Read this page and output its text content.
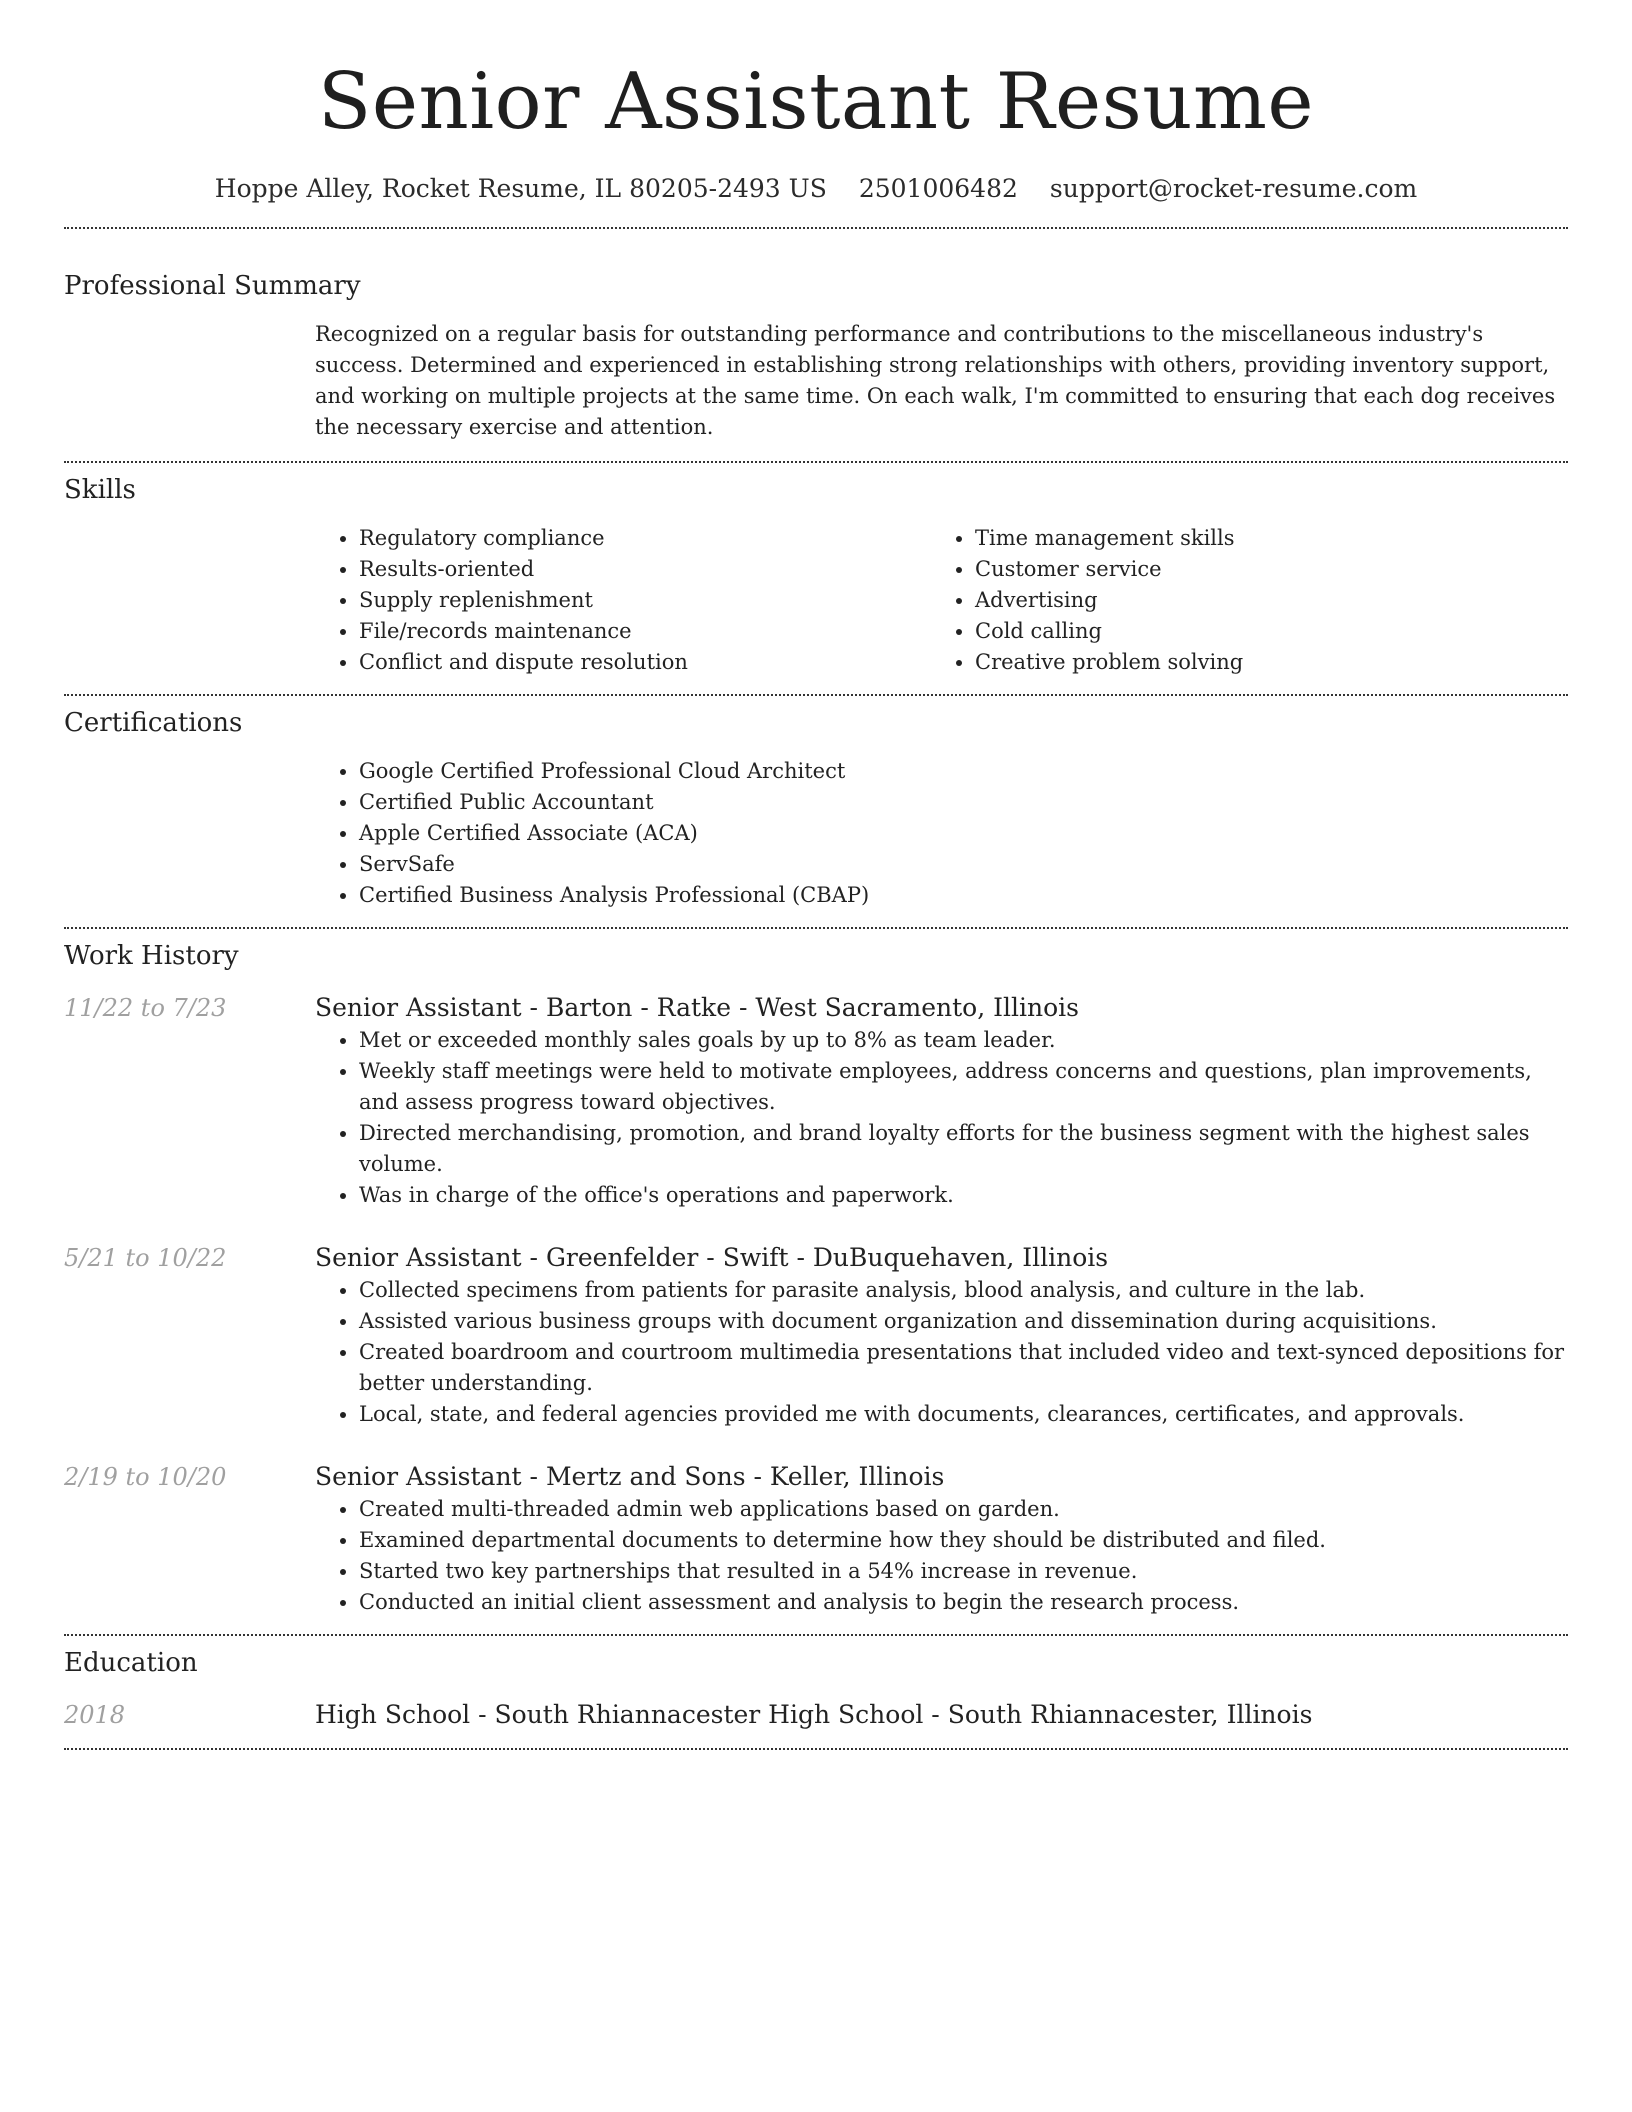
Senior Assistant Resume
Hoppe Alley, Rocket Resume, IL 80205-2493 US 2501006482 support@rocket-resume.com
Professional Summary

Recognized on a regular basis for outstanding performance and contributions to the miscellaneous industry's success. Determined and experienced in establishing strong relationships with others, providing inventory support, and working on multiple projects at the same time. On each walk, I'm committed to ensuring that each dog receives the necessary exercise and attention.

Skills
• Regulatory compliance
• Results-oriented
• Supply replenishment
• File/records maintenance
• Conflict and dispute resolution
• Time management skills
• Customer service
• Advertising
• Cold calling
• Creative problem solving
Certifications
• Google Certified Professional Cloud Architect
• Certified Public Accountant
• Apple Certified Associate (ACA)
• ServSafe
• Certified Business Analysis Professional (CBAP)
Work History
11/22 to 7/23	Senior Assistant - Barton - Ratke - West Sacramento, Illinois
• Met or exceeded monthly sales goals by up to 8% as team leader.
• Weekly staff meetings were held to motivate employees, address concerns and questions, plan improvements, and assess progress toward objectives.
• Directed merchandising, promotion, and brand loyalty efforts for the business segment with the highest sales volume.
• Was in charge of the office's operations and paperwork.
5/21 to 10/22	Senior Assistant - Greenfelder - Swift - DuBuquehaven, Illinois
• Collected specimens from patients for parasite analysis, blood analysis, and culture in the lab.
• Assisted various business groups with document organization and dissemination during acquisitions.
• Created boardroom and courtroom multimedia presentations that included video and text-synced depositions for better understanding.
• Local, state, and federal agencies provided me with documents, clearances, certificates, and approvals.
2/19 to 10/20	Senior Assistant - Mertz and Sons - Keller, Illinois
• Created multi-threaded admin web applications based on garden.
• Examined departmental documents to determine how they should be distributed and filed.
• Started two key partnerships that resulted in a 54% increase in revenue.
• Conducted an initial client assessment and analysis to begin the research process.
Education
2018	High School - South Rhiannacester High School - South Rhiannacester, Illinois
